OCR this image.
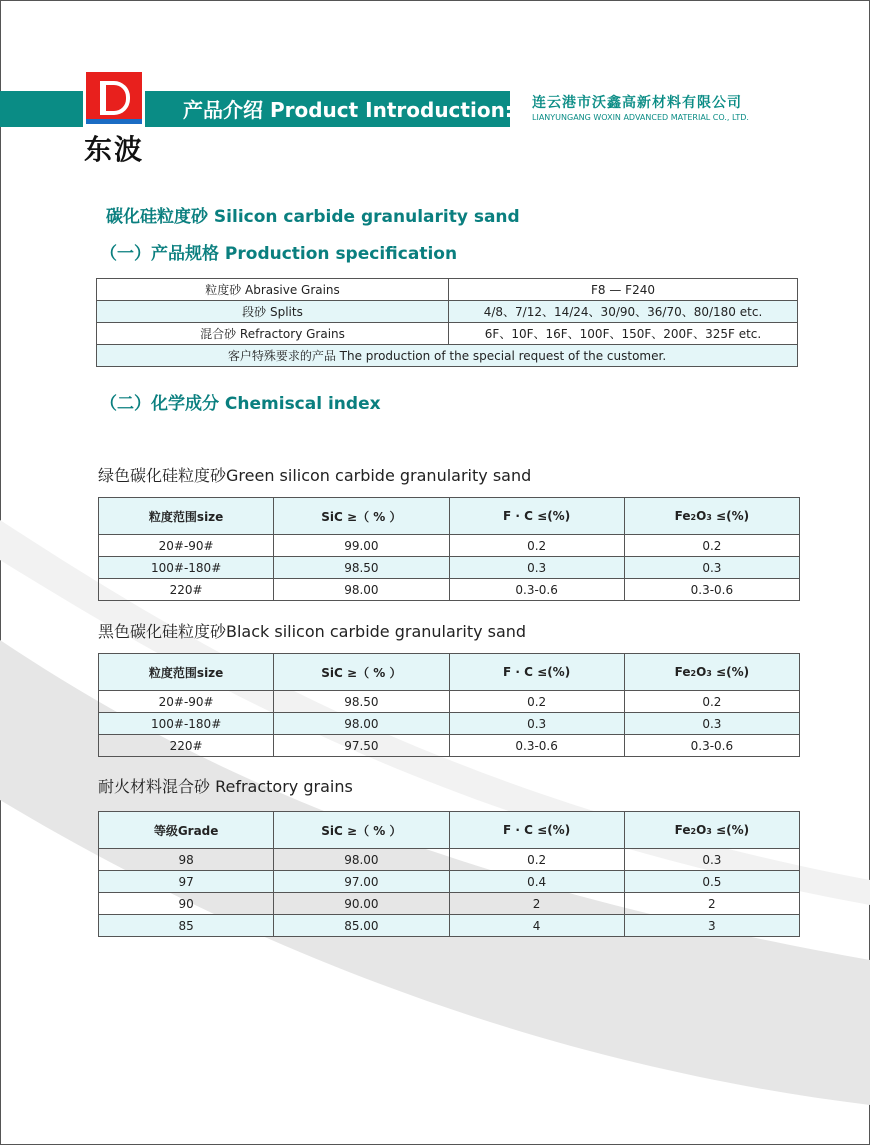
产品介绍 Product Introduction:
东波
连云港市沃鑫高新材料有限公司
LIANYUNGANG WOXIN ADVANCED MATERIAL CO., LTD.
碳化硅粒度砂 Silicon carbide granularity sand
（一）产品规格 Production specification
粒度砂 Abrasive Grains	F8 — F240
段砂 Splits	4/8、7/12、14/24、30/90、36/70、80/180 etc.
混合砂 Refractory Grains	6F、10F、16F、100F、150F、200F、325F etc.
客户特殊要求的产品 The production of the special request of the customer.	
（二）化学成分 Chemiscal index
绿色碳化硅粒度砂Green silicon carbide granularity sand
粒度范围size	SiC ≥（ % ）	F · C ≤(%)	Fe2O3 ≤(%)
20#-90#	99.00	0.2	0.2
100#-180#	98.50	0.3	0.3
220#	98.00	0.3-0.6	0.3-0.6
黑色碳化硅粒度砂Black silicon carbide granularity sand
粒度范围size	SiC ≥（ % ）	F · C ≤(%)	Fe2O3 ≤(%)
20#-90#	98.50	0.2	0.2
100#-180#	98.00	0.3	0.3
220#	97.50	0.3-0.6	0.3-0.6
耐火材料混合砂 Refractory grains
等级Grade	SiC ≥（ % ）	F · C ≤(%)	Fe2O3 ≤(%)
98	98.00	0.2	0.3
97	97.00	0.4	0.5
90	90.00	2	2
85	85.00	4	3
